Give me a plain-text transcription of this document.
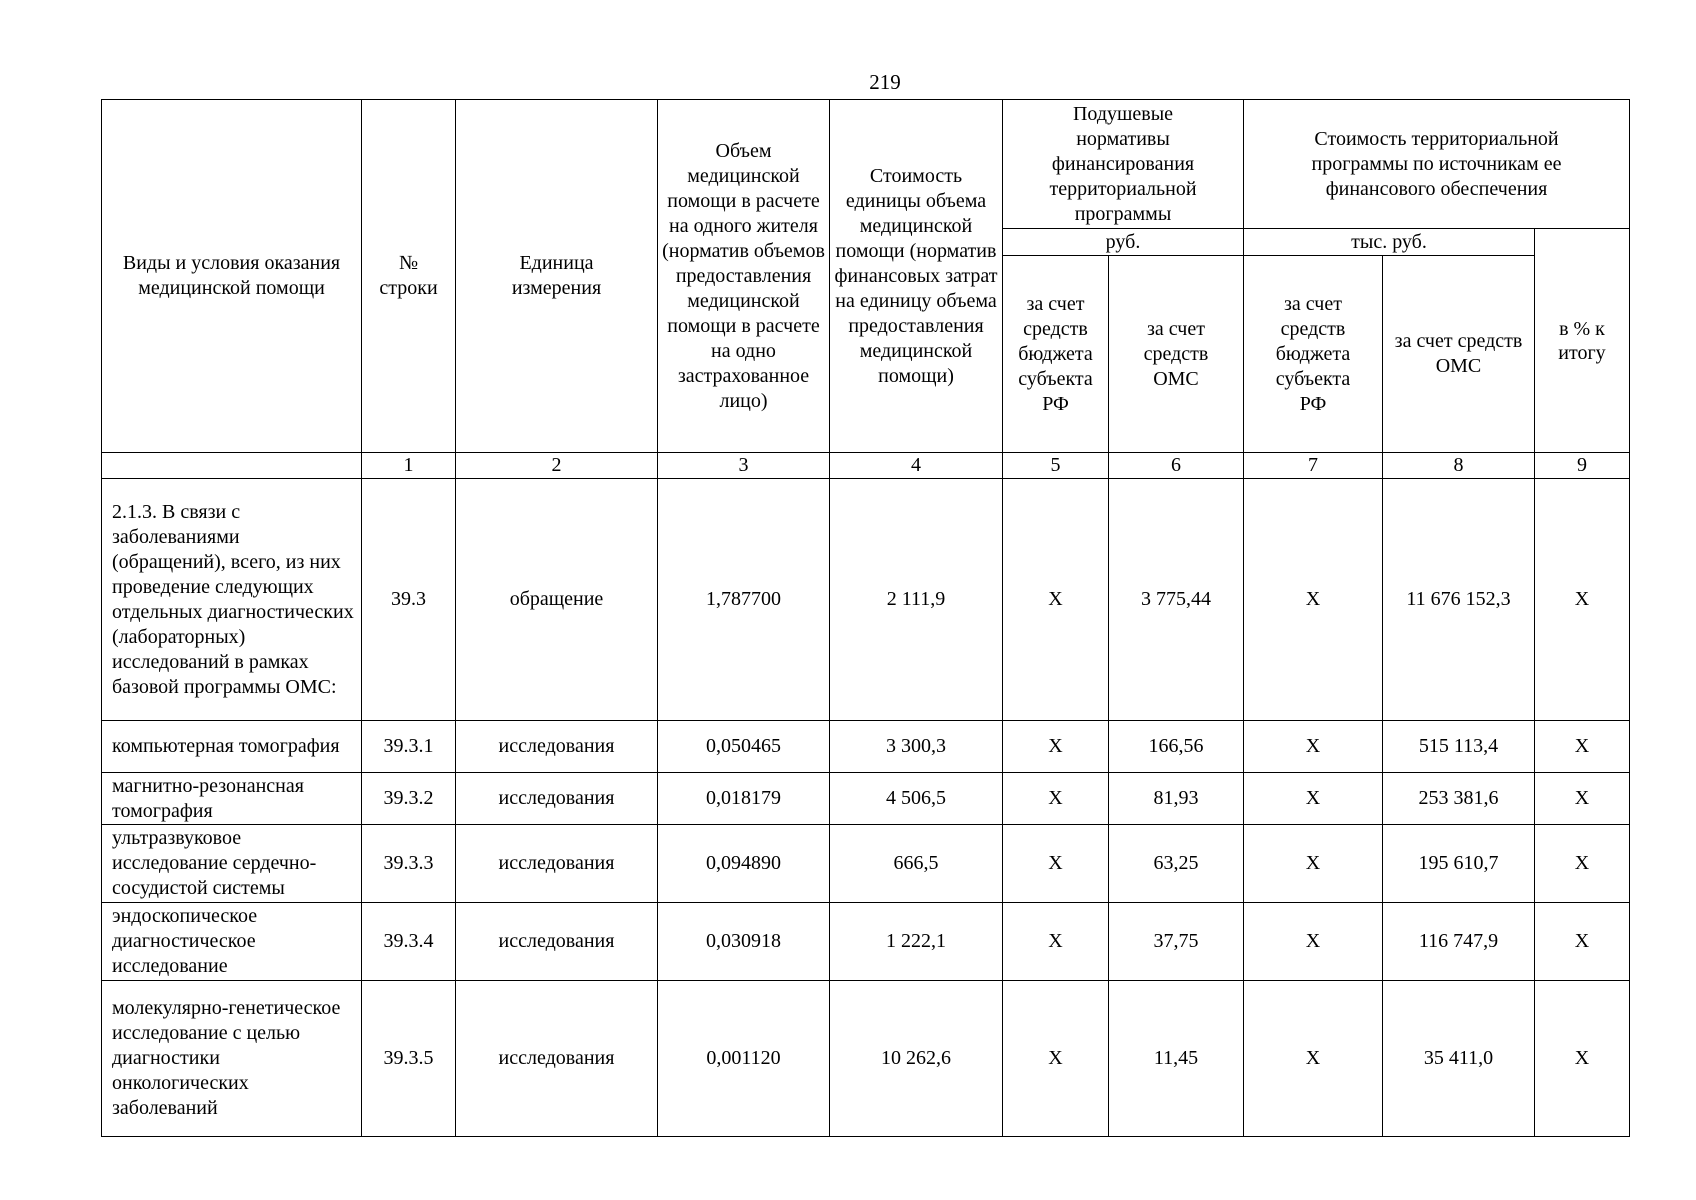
219
Виды и условия оказания медицинской помощи	№ строки	Единица измерения	Объем медицинской помощи в расчете на одного жителя (норматив объемов предоставления медицинской помощи в расчете на одно застрахованное лицо)	Стоимость единицы объема медицинской помощи (норматив финансовых затрат на единицу объема предоставления медицинской помощи)	Подушевые нормативы финансирования территориальной программы		Стоимость территориальной программы по источникам ее финансового обеспечения		
					руб.		тыс. руб.		в % к итогу
					за счет средств бюджета субъекта РФ	за счет средств ОМС	за счет средств бюджета субъекта РФ	за счет средств ОМС	
	1	2	3	4	5	6	7	8	9
2.1.3. В связи с заболеваниями (обращений), всего, из них проведение следующих отдельных диагностических (лабораторных) исследований в рамках базовой программы ОМС:	39.3	обращение	1,787700	2 111,9	X	3 775,44	X	11 676 152,3	X
компьютерная томография	39.3.1	исследования	0,050465	3 300,3	X	166,56	X	515 113,4	X
магнитно-резонансная томография	39.3.2	исследования	0,018179	4 506,5	X	81,93	X	253 381,6	X
ультразвуковое исследование сердечно-сосудистой системы	39.3.3	исследования	0,094890	666,5	X	63,25	X	195 610,7	X
эндоскопическое диагностическое исследование	39.3.4	исследования	0,030918	1 222,1	X	37,75	X	116 747,9	X
молекулярно-генетическое исследование с целью диагностики онкологических заболеваний	39.3.5	исследования	0,001120	10 262,6	X	11,45	X	35 411,0	X
